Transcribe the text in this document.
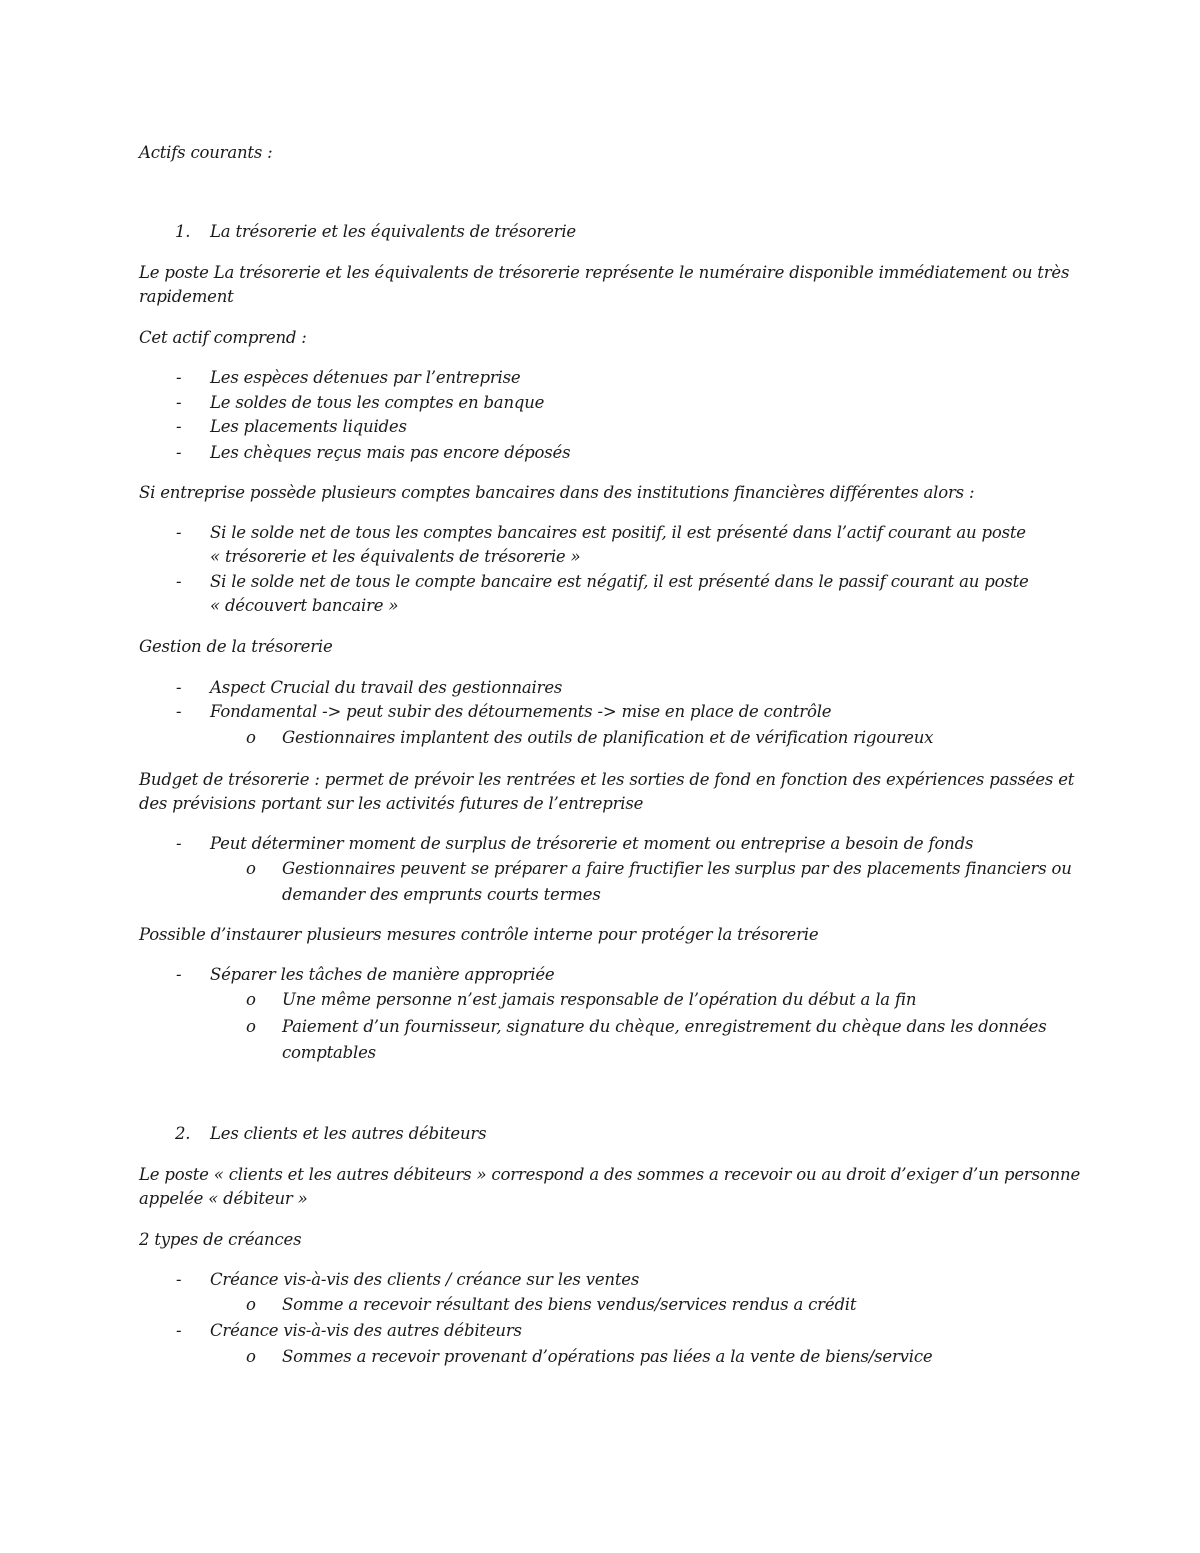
Actifs courants :
1. La trésorerie et les équivalents de trésorerie
Le poste La trésorerie et les équivalents de trésorerie représente le numéraire disponible immédiatement ou très
rapidement
Cet actif comprend :
- Les espèces détenues par l’entreprise
- Le soldes de tous les comptes en banque
- Les placements liquides
- Les chèques reçus mais pas encore déposés
Si entreprise possède plusieurs comptes bancaires dans des institutions financières différentes alors :
- Si le solde net de tous les comptes bancaires est positif, il est présenté dans l’actif courant au poste
« trésorerie et les équivalents de trésorerie »
- Si le solde net de tous le compte bancaire est négatif, il est présenté dans le passif courant au poste
« découvert bancaire »
Gestion de la trésorerie
- Aspect Crucial du travail des gestionnaires
- Fondamental -> peut subir des détournements -> mise en place de contrôle
o Gestionnaires implantent des outils de planification et de vérification rigoureux
Budget de trésorerie : permet de prévoir les rentrées et les sorties de fond en fonction des expériences passées et
des prévisions portant sur les activités futures de l’entreprise
- Peut déterminer moment de surplus de trésorerie et moment ou entreprise a besoin de fonds
o Gestionnaires peuvent se préparer a faire fructifier les surplus par des placements financiers ou
demander des emprunts courts termes
Possible d’instaurer plusieurs mesures contrôle interne pour protéger la trésorerie
- Séparer les tâches de manière appropriée
o Une même personne n’est jamais responsable de l’opération du début a la fin
o Paiement d’un fournisseur, signature du chèque, enregistrement du chèque dans les données
comptables
2. Les clients et les autres débiteurs
Le poste « clients et les autres débiteurs » correspond a des sommes a recevoir ou au droit d’exiger d’un personne
appelée « débiteur »
2 types de créances
- Créance vis-à-vis des clients / créance sur les ventes
o Somme a recevoir résultant des biens vendus/services rendus a crédit
- Créance vis-à-vis des autres débiteurs
o Sommes a recevoir provenant d’opérations pas liées a la vente de biens/service
